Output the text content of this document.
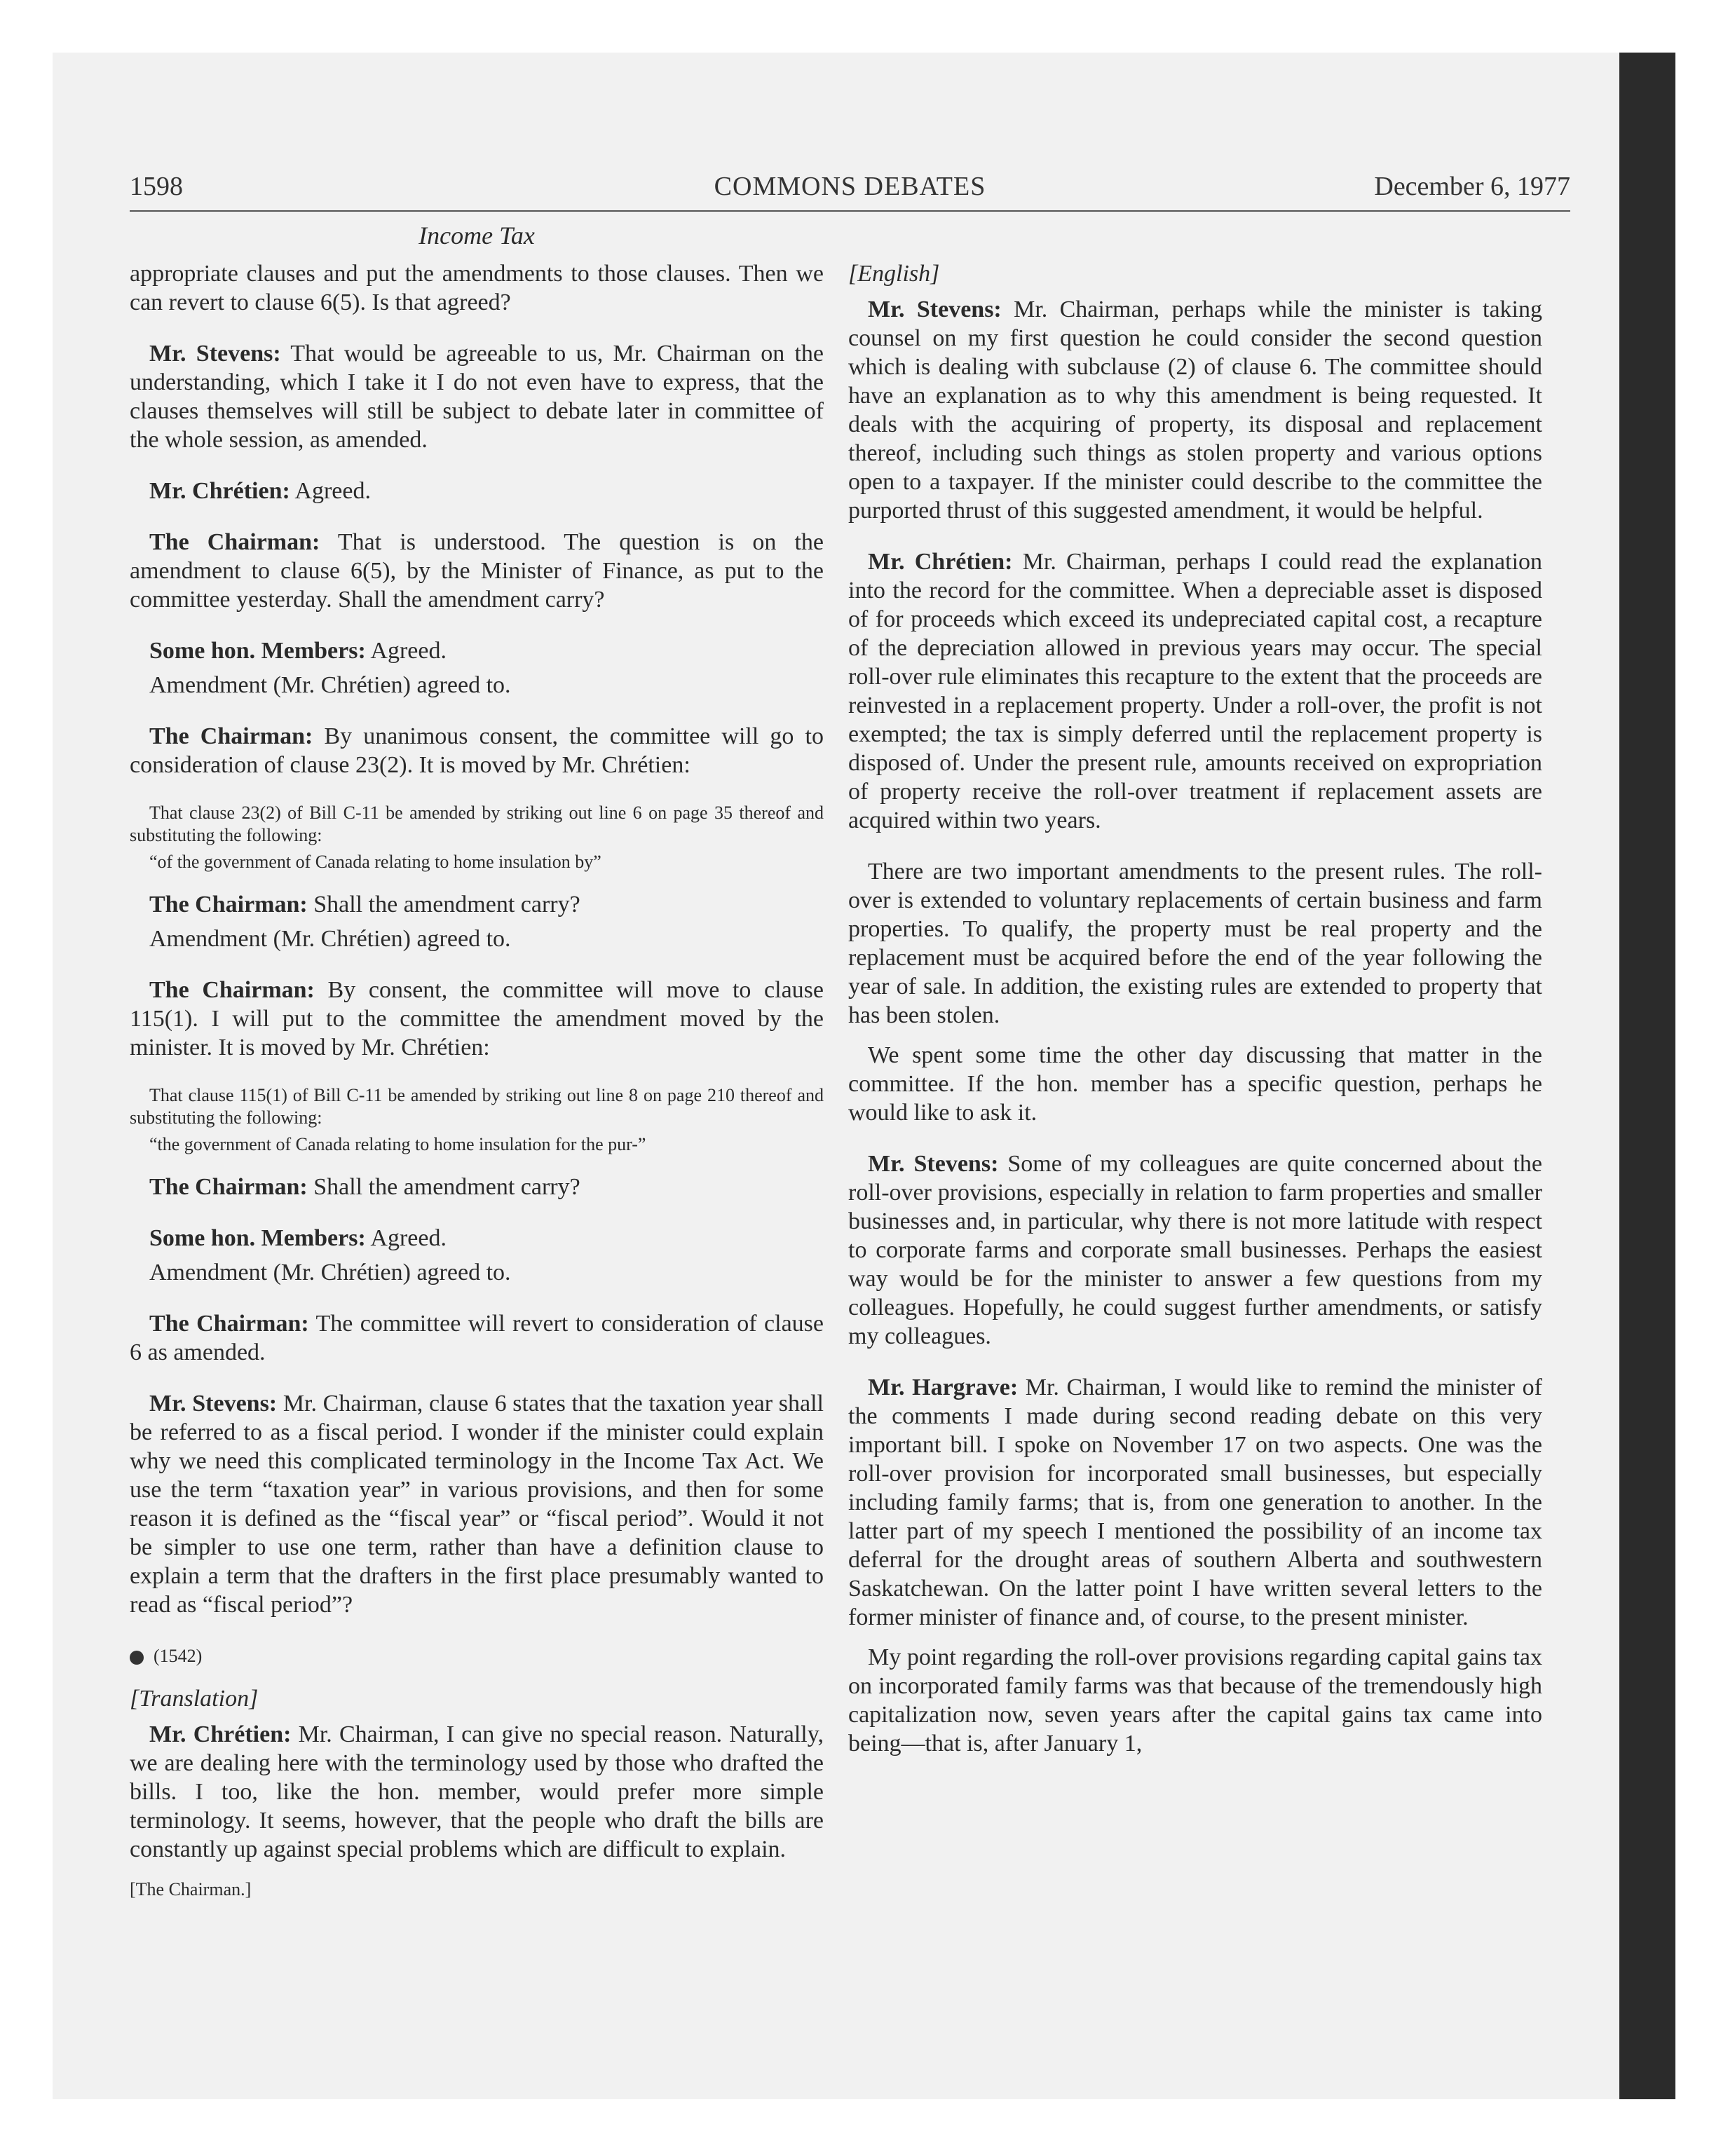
1598	COMMONS DEBATES	December 6, 1977
Income Tax

appropriate clauses and put the amendments to those clauses. Then we can revert to clause 6(5). Is that agreed?

Mr. Stevens: That would be agreeable to us, Mr. Chairman on the understanding, which I take it I do not even have to express, that the clauses themselves will still be subject to debate later in committee of the whole session, as amended.

Mr. Chrétien: Agreed.

The Chairman: That is understood. The question is on the amendment to clause 6(5), by the Minister of Finance, as put to the committee yesterday. Shall the amendment carry?

Some hon. Members: Agreed.

Amendment (Mr. Chrétien) agreed to.

The Chairman: By unanimous consent, the committee will go to consideration of clause 23(2). It is moved by Mr. Chrétien:

That clause 23(2) of Bill C-11 be amended by striking out line 6 on page 35 thereof and substituting the following:

“of the government of Canada relating to home insulation by”

The Chairman: Shall the amendment carry?

Amendment (Mr. Chrétien) agreed to.

The Chairman: By consent, the committee will move to clause 115(1). I will put to the committee the amendment moved by the minister. It is moved by Mr. Chrétien:

That clause 115(1) of Bill C-11 be amended by striking out line 8 on page 210 thereof and substituting the following:

“the government of Canada relating to home insulation for the pur-”

The Chairman: Shall the amendment carry?

Some hon. Members: Agreed.

Amendment (Mr. Chrétien) agreed to.

The Chairman: The committee will revert to consideration of clause 6 as amended.

Mr. Stevens: Mr. Chairman, clause 6 states that the taxation year shall be referred to as a fiscal period. I wonder if the minister could explain why we need this complicated terminology in the Income Tax Act. We use the term “taxation year” in various provisions, and then for some reason it is defined as the “fiscal year” or “fiscal period”. Would it not be simpler to use one term, rather than have a definition clause to explain a term that the drafters in the first place presumably wanted to read as “fiscal period”?

(1542)

[Translation]

Mr. Chrétien: Mr. Chairman, I can give no special reason. Naturally, we are dealing here with the terminology used by those who drafted the bills. I too, like the hon. member, would prefer more simple terminology. It seems, however, that the people who draft the bills are constantly up against special problems which are difficult to explain.

[The Chairman.]

[English]

Mr. Stevens: Mr. Chairman, perhaps while the minister is taking counsel on my first question he could consider the second question which is dealing with subclause (2) of clause 6. The committee should have an explanation as to why this amendment is being requested. It deals with the acquiring of property, its disposal and replacement thereof, including such things as stolen property and various options open to a taxpayer. If the minister could describe to the committee the purported thrust of this suggested amendment, it would be helpful.

Mr. Chrétien: Mr. Chairman, perhaps I could read the explanation into the record for the committee. When a depreciable asset is disposed of for proceeds which exceed its undepreciated capital cost, a recapture of the depreciation allowed in previous years may occur. The special roll-over rule eliminates this recapture to the extent that the proceeds are reinvested in a replacement property. Under a roll-over, the profit is not exempted; the tax is simply deferred until the replacement property is disposed of. Under the present rule, amounts received on expropriation of property receive the roll-over treatment if replacement assets are acquired within two years.

There are two important amendments to the present rules. The roll-over is extended to voluntary replacements of certain business and farm properties. To qualify, the property must be real property and the replacement must be acquired before the end of the year following the year of sale. In addition, the existing rules are extended to property that has been stolen.

We spent some time the other day discussing that matter in the committee. If the hon. member has a specific question, perhaps he would like to ask it.

Mr. Stevens: Some of my colleagues are quite concerned about the roll-over provisions, especially in relation to farm properties and smaller businesses and, in particular, why there is not more latitude with respect to corporate farms and corporate small businesses. Perhaps the easiest way would be for the minister to answer a few questions from my colleagues. Hopefully, he could suggest further amendments, or satisfy my colleagues.

Mr. Hargrave: Mr. Chairman, I would like to remind the minister of the comments I made during second reading debate on this very important bill. I spoke on November 17 on two aspects. One was the roll-over provision for incorporated small businesses, but especially including family farms; that is, from one generation to another. In the latter part of my speech I mentioned the possibility of an income tax deferral for the drought areas of southern Alberta and southwestern Saskatchewan. On the latter point I have written several letters to the former minister of finance and, of course, to the present minister.

My point regarding the roll-over provisions regarding capital gains tax on incorporated family farms was that because of the tremendously high capitalization now, seven years after the capital gains tax came into being—that is, after January 1,
